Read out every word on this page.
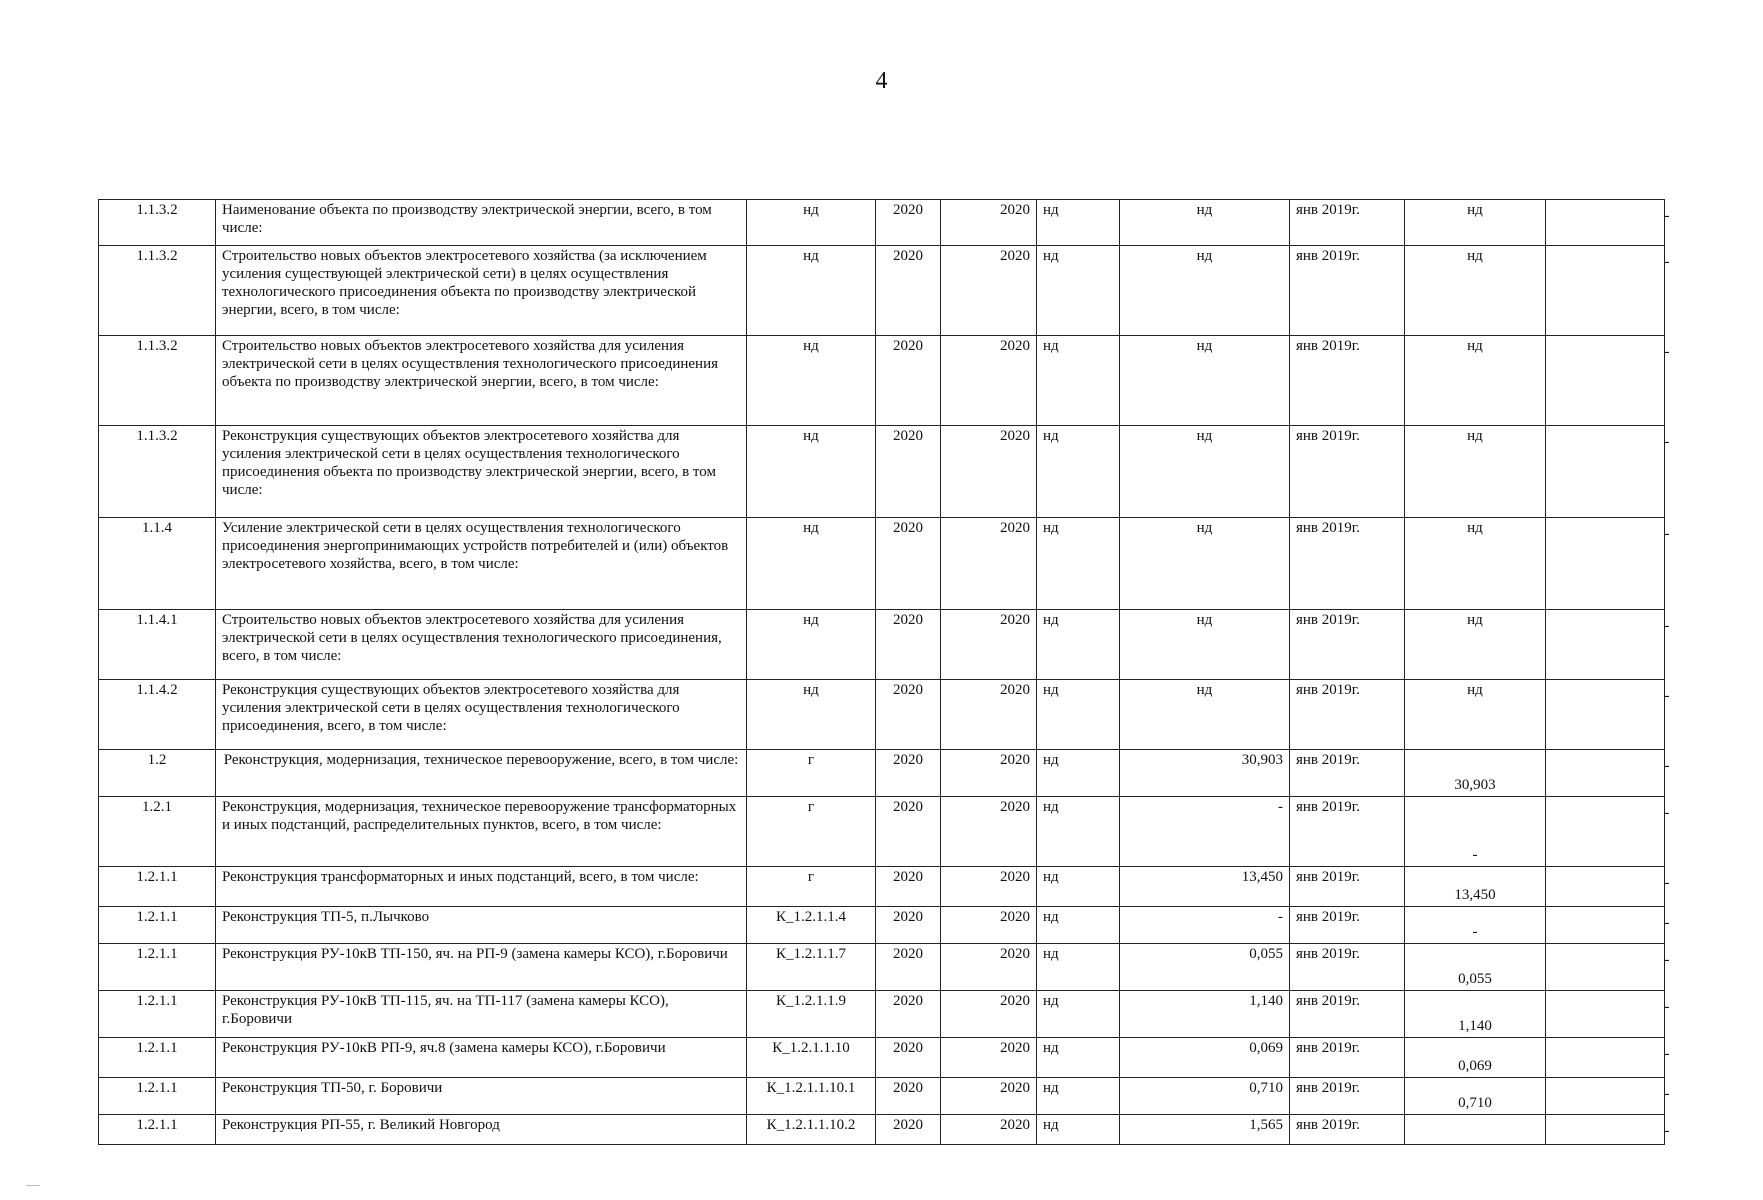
4
1.1.3.2	Наименование объекта по производству электрической энергии, всего, в том числе:	нд	2020	2020	нд	нд	янв 2019г.	нд	-
1.1.3.2	Строительство новых объектов электросетевого хозяйства (за исключением усиления существующей электрической сети) в целях осуществления технологического присоединения объекта по производству электрической энергии, всего, в том числе:	нд	2020	2020	нд	нд	янв 2019г.	нд	-
1.1.3.2	Строительство новых объектов электросетевого хозяйства для усиления электрической сети в целях осуществления технологического присоединения объекта по производству электрической энергии, всего, в том числе:	нд	2020	2020	нд	нд	янв 2019г.	нд	-
1.1.3.2	Реконструкция существующих объектов электросетевого хозяйства для усиления электрической сети в целях осуществления технологического присоединения объекта по производству электрической энергии, всего, в том числе:	нд	2020	2020	нд	нд	янв 2019г.	нд	-
1.1.4	Усиление электрической сети в целях осуществления технологического присоединения энергопринимающих устройств потребителей и (или) объектов электросетевого хозяйства, всего, в том числе:	нд	2020	2020	нд	нд	янв 2019г.	нд	-
1.1.4.1	Строительство новых объектов электросетевого хозяйства для усиления электрической сети в целях осуществления технологического присоединения, всего, в том числе:	нд	2020	2020	нд	нд	янв 2019г.	нд	-
1.1.4.2	Реконструкция существующих объектов электросетевого хозяйства для усиления электрической сети в целях осуществления технологического присоединения, всего, в том числе:	нд	2020	2020	нд	нд	янв 2019г.	нд	-
1.2	Реконструкция, модернизация, техническое перевооружение, всего, в том числе:	г	2020	2020	нд	30,903	янв 2019г.	30,903	-
1.2.1	Реконструкция, модернизация, техническое перевооружение трансформаторных и иных подстанций, распределительных пунктов, всего, в том числе:	г	2020	2020	нд	-	янв 2019г.	-	-
1.2.1.1	Реконструкция трансформаторных и иных подстанций, всего, в том числе:	г	2020	2020	нд	13,450	янв 2019г.	13,450	-
1.2.1.1	Реконструкция ТП-5, п.Лычково	К_1.2.1.1.4	2020	2020	нд	-	янв 2019г.	-	-
1.2.1.1	Реконструкция РУ-10кВ ТП-150, яч. на РП-9 (замена камеры КСО), г.Боровичи	К_1.2.1.1.7	2020	2020	нд	0,055	янв 2019г.	0,055	-
1.2.1.1	Реконструкция РУ-10кВ ТП-115, яч. на ТП-117 (замена камеры КСО), г.Боровичи	К_1.2.1.1.9	2020	2020	нд	1,140	янв 2019г.	1,140	-
1.2.1.1	Реконструкция РУ-10кВ РП-9, яч.8 (замена камеры КСО), г.Боровичи	К_1.2.1.1.10	2020	2020	нд	0,069	янв 2019г.	0,069	-
1.2.1.1	Реконструкция ТП-50, г. Боровичи	К_1.2.1.1.10.1	2020	2020	нд	0,710	янв 2019г.	0,710	-
1.2.1.1	Реконструкция РП-55, г. Великий Новгород	К_1.2.1.1.10.2	2020	2020	нд	1,565	янв 2019г.		-
